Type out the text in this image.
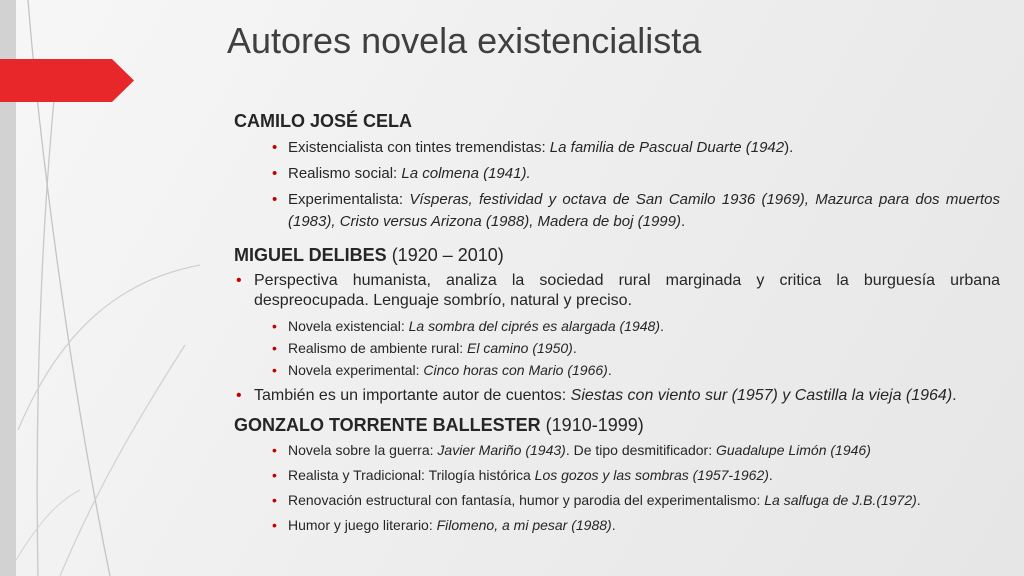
Autores novela existencialista

CAMILO JOSÉ CELA

• Existencialista con tintes tremendistas: La familia de Pascual Duarte (1942).
• Realismo social: La colmena (1941).
• Experimentalista: Vísperas, festividad y octava de San Camilo 1936 (1969), Mazurca para dos muertos (1983), Cristo versus Arizona (1988), Madera de boj (1999).

MIGUEL DELIBES (1920 – 2010)

• Perspectiva humanista, analiza la sociedad rural marginada y critica la burguesía urbana despreocupada. Lenguaje sombrío, natural y preciso.
• Novela existencial: La sombra del ciprés es alargada (1948).
• Realismo de ambiente rural: El camino (1950).
• Novela experimental: Cinco horas con Mario (1966).
• También es un importante autor de cuentos: Siestas con viento sur (1957) y Castilla la vieja (1964).

GONZALO TORRENTE BALLESTER (1910-1999)

• Novela sobre la guerra: Javier Mariño (1943). De tipo desmitificador: Guadalupe Limón (1946)
• Realista y Tradicional: Trilogía histórica Los gozos y las sombras (1957-1962).
• Renovación estructural con fantasía, humor y parodia del experimentalismo: La salfuga de J.B.(1972).
• Humor y juego literario: Filomeno, a mi pesar (1988).
